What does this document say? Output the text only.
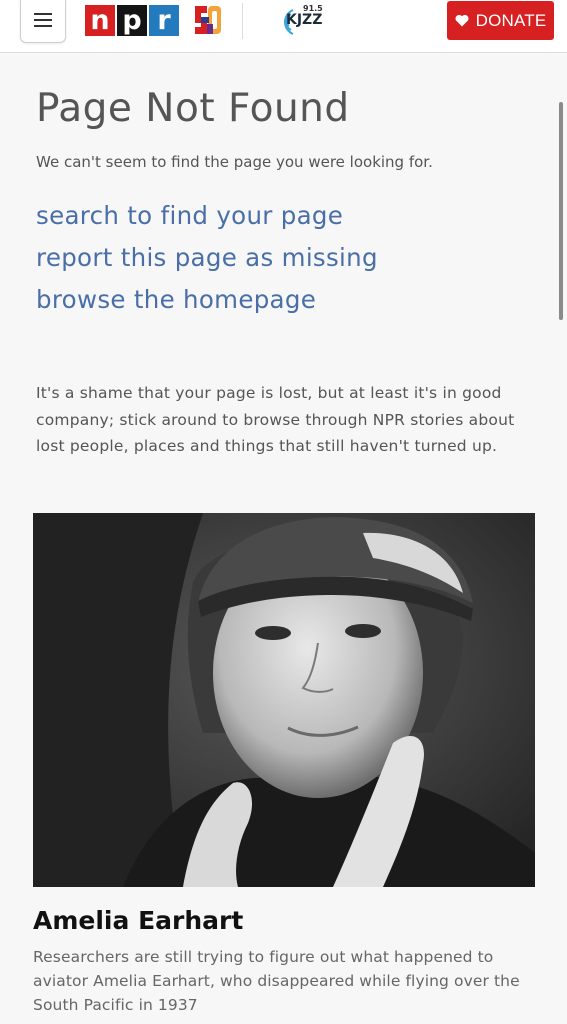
n p r	91.5
KJZZ	DONATE
Page Not Found
We can't seem to find the page you were looking for.
search to find your page
report this page as missing
browse the homepage

It's a shame that your page is lost, but at least it's in good company; stick around to browse through NPR stories about lost people, places and things that still haven't turned up.

Amelia Earhart

Researchers are still trying to figure out what happened to aviator Amelia Earhart, who disappeared while flying over the South Pacific in 1937
